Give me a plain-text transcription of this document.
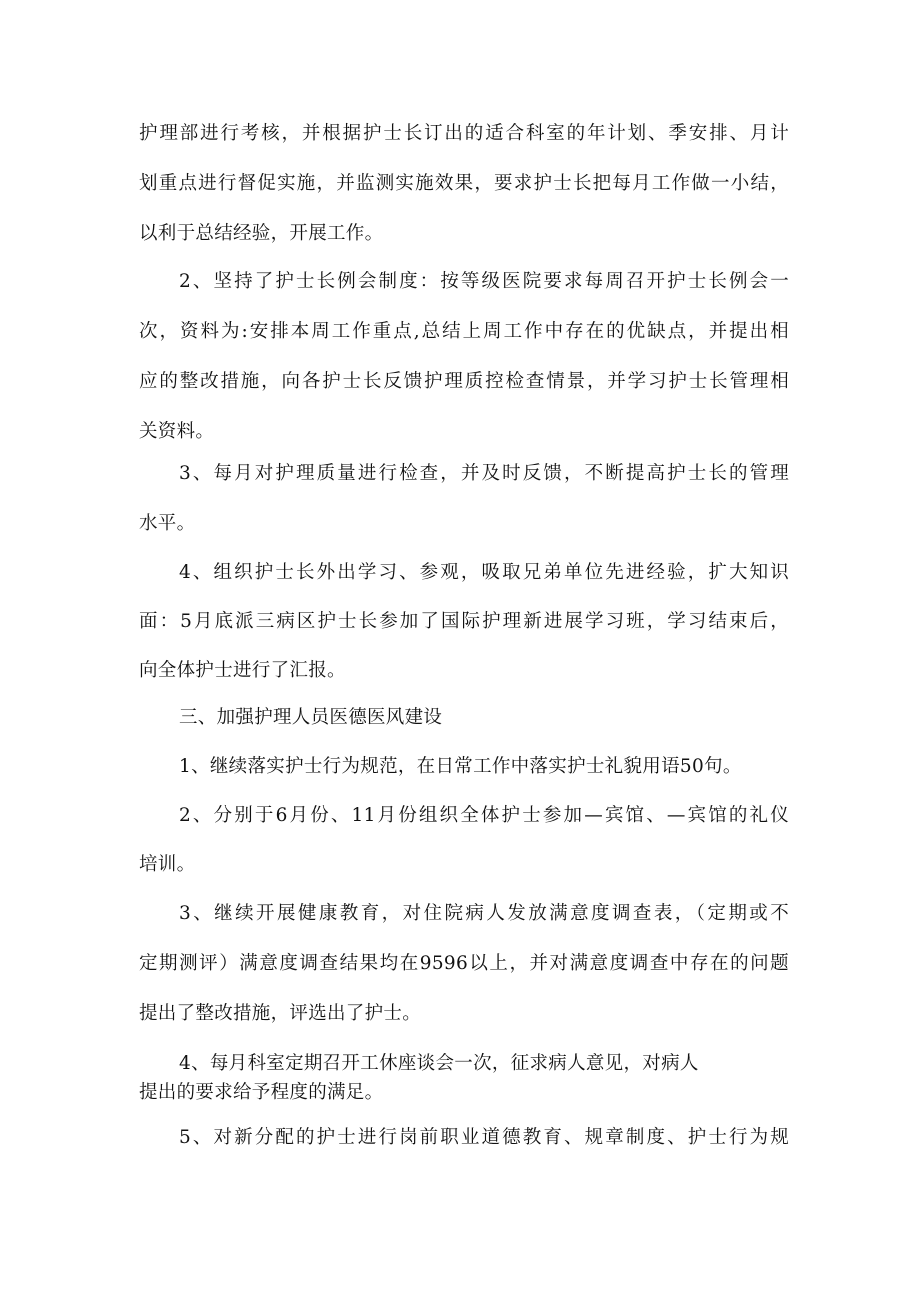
护理部进行考核，并根据护士长订出的适合科室的年计划、季安排、月计
划重点进行督促实施，并监测实施效果，要求护士长把每月工作做一小结，
以利于总结经验，开展工作。
2、坚持了护士长例会制度：按等级医院要求每周召开护士长例会一
次，资料为:安排本周工作重点,总结上周工作中存在的优缺点，并提出相
应的整改措施，向各护士长反馈护理质控检查情景，并学习护士长管理相
关资料。
3、每月对护理质量进行检查，并及时反馈，不断提高护士长的管理
水平。
4、组织护士长外出学习、参观，吸取兄弟单位先进经验，扩大知识
面：5月底派三病区护士长参加了国际护理新进展学习班，学习结束后，
向全体护士进行了汇报。
三、加强护理人员医德医风建设
1、继续落实护士行为规范，在日常工作中落实护士礼貌用语50句。
2、分别于6月份、11月份组织全体护士参加—宾馆、—宾馆的礼仪
培训。
3、继续开展健康教育，对住院病人发放满意度调查表，（定期或不
定期测评）满意度调查结果均在9596以上，并对满意度调查中存在的问题
提出了整改措施，评选出了护士。
4、每月科室定期召开工休座谈会一次，征求病人意见，对病人
提出的要求给予程度的满足。
5、对新分配的护士进行岗前职业道德教育、规章制度、护士行为规
